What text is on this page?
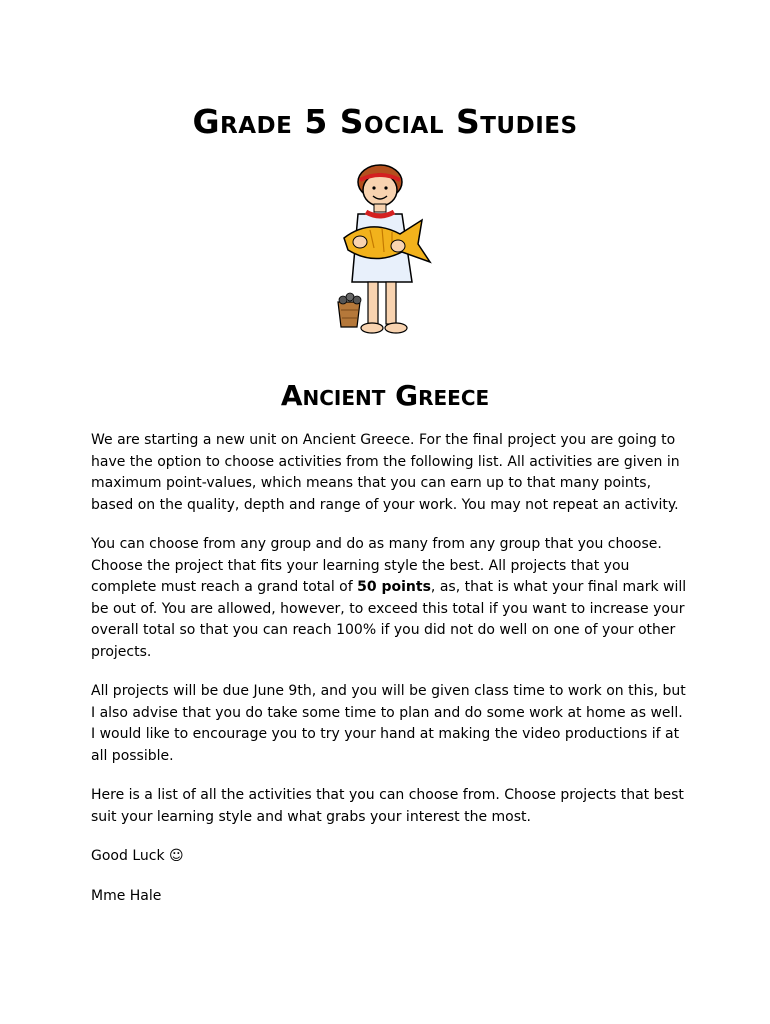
Grade 5 Social Studies
Ancient Greece

We are starting a new unit on Ancient Greece. For the final project you are going to have the option to choose activities from the following list. All activities are given in maximum point-values, which means that you can earn up to that many points, based on the quality, depth and range of your work. You may not repeat an activity.

You can choose from any group and do as many from any group that you choose. Choose the project that fits your learning style the best. All projects that you complete must reach a grand total of 50 points, as, that is what your final mark will be out of. You are allowed, however, to exceed this total if you want to increase your overall total so that you can reach 100% if you did not do well on one of your other projects.

All projects will be due June 9th, and you will be given class time to work on this, but I also advise that you do take some time to plan and do some work at home as well. I would like to encourage you to try your hand at making the video productions if at all possible.

Here is a list of all the activities that you can choose from. Choose projects that best suit your learning style and what grabs your interest the most.

Good Luck ☺

Mme Hale
